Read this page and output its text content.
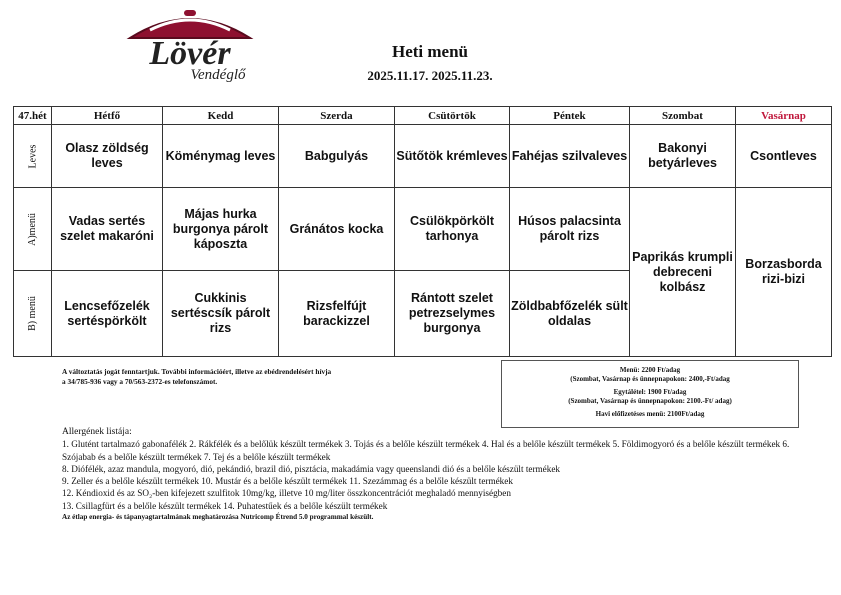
Lövér
Vendéglő
Heti menü
2025.11.17. 2025.11.23.
47.hét	Hétfő	Kedd	Szerda	Csütörtök	Péntek	Szombat	Vasárnap
Leves	Olasz zöldség leves	Köménymag leves	Babgulyás	Sütőtök krémleves	Fahéjas szilvaleves	Bakonyi betyárleves	Csontleves
A)menü	Vadas sertés szelet makaróni	Májas hurka burgonya párolt káposzta	Gránátos kocka	Csülökpörkölt tarhonya	Húsos palacsinta párolt rizs	Paprikás krumpli debreceni kolbász	Borzasborda rizi-bizi
B) menü	Lencsefőzelék sertéspörkölt	Cukkinis sertéscsík párolt rizs	Rizsfelfújt barackizzel	Rántott szelet petrezselymes burgonya	Zöldbabfőzelék sült oldalas		
A változtatás jogát fenntartjuk. További információért, illetve az ebédrendelésért hívja
a 34/785-936 vagy a 70/563-2372-es telefonszámot.
Menü: 2200 Ft/adag
(Szombat, Vasárnap és ünnepnapokon: 2400,-Ft/adag
Egytálétel: 1900 Ft/adag
(Szombat, Vasárnap és ünnepnapokon: 2100.-Ft/ adag)
Havi előfizetéses menü: 2100Ft/adag
Allergének listája:
1. Glutént tartalmazó gabonafélék 2. Rákfélék és a belőlük készült termékek 3. Tojás és a belőle készült termékek 4. Hal és a belőle készült termékek 5. Földimogyoró és a belőle készült termékek 6. Szójabab és a belőle készült termékek 7. Tej és a belőle készült termékek
8. Diófélék, azaz mandula, mogyoró, dió, pekándió, brazil dió, pisztácia, makadámia vagy queenslandi dió és a belőle készült termékek
9. Zeller és a belőle készült termékek 10. Mustár és a belőle készült termékek 11. Szezámmag és a belőle készült termékek
12. Kéndioxid és az SO₂-ben kifejezett szulfitok 10mg/kg, illetve 10 mg/liter összkoncentrációt meghaladó mennyiségben
13. Csillagfürt és a belőle készült termékek 14. Puhatestűek és a belőle készült termékek
Az étlap energia- és tápanyagtartalmának meghatározása Nutricomp Étrend 5.0 programmal készült.
